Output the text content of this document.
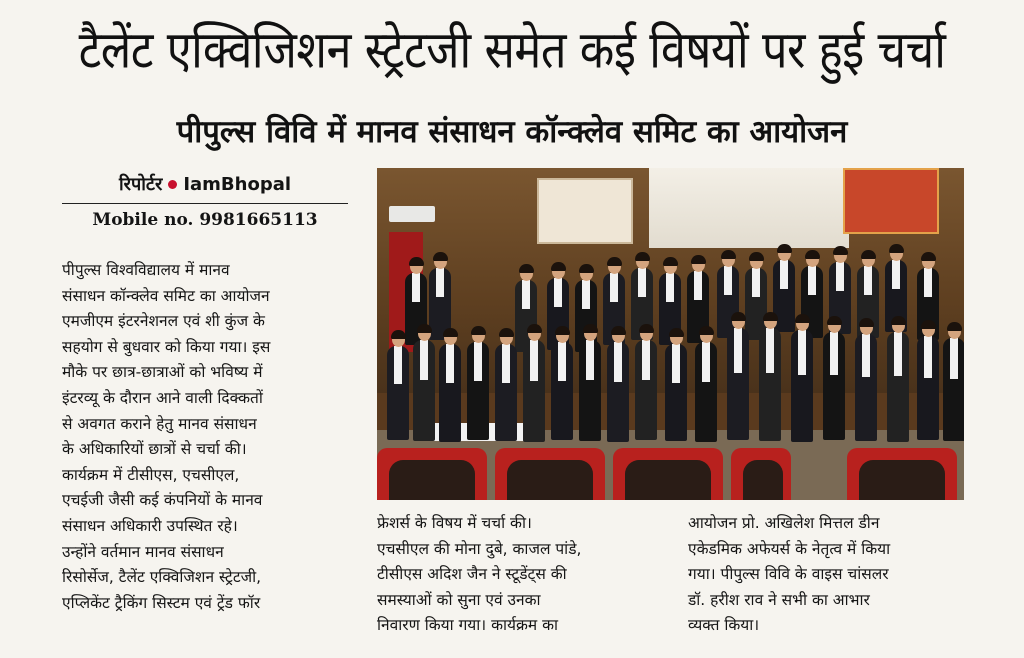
टैलेंट एक्विजिशन स्ट्रेटजी समेत कई विषयों पर हुई चर्चा
पीपुल्स विवि में मानव संसाधन कॉन्क्लेव समिट का आयोजन
रिपोर्टर IamBhopal
Mobile no. 9981665113

पीपुल्स विश्वविद्यालय में मानव

संसाधन कॉन्क्लेव समिट का आयोजन

एमजीएम इंटरनेशनल एवं शी कुंज के

सहयोग से बुधवार को किया गया। इस

मौके पर छात्र-छात्राओं को भविष्य में

इंटरव्यू के दौरान आने वाली दिक्कतों

से अवगत कराने हेतु मानव संसाधन

के अधिकारियों छात्रों से चर्चा की।

कार्यक्रम में टीसीएस, एचसीएल,

एचईजी जैसी कई कंपनियों के मानव

संसाधन अधिकारी उपस्थित रहे।

उन्होंने वर्तमान मानव संसाधन

रिसोर्सेज, टैलेंट एक्विजिशन स्ट्रेटजी,

एप्लिकेंट ट्रैकिंग सिस्टम एवं ट्रेंड फॉर

फ्रेशर्स के विषय में चर्चा की।

एचसीएल की मोना दुबे, काजल पांडे,

टीसीएस अदिश जैन ने स्टूडेंट्स की

समस्याओं को सुना एवं उनका

निवारण किया गया। कार्यक्रम का

आयोजन प्रो. अखिलेश मित्तल डीन

एकेडमिक अफेयर्स के नेतृत्व में किया

गया। पीपुल्स विवि के वाइस चांसलर

डॉ. हरीश राव ने सभी का आभार

व्यक्त किया।
